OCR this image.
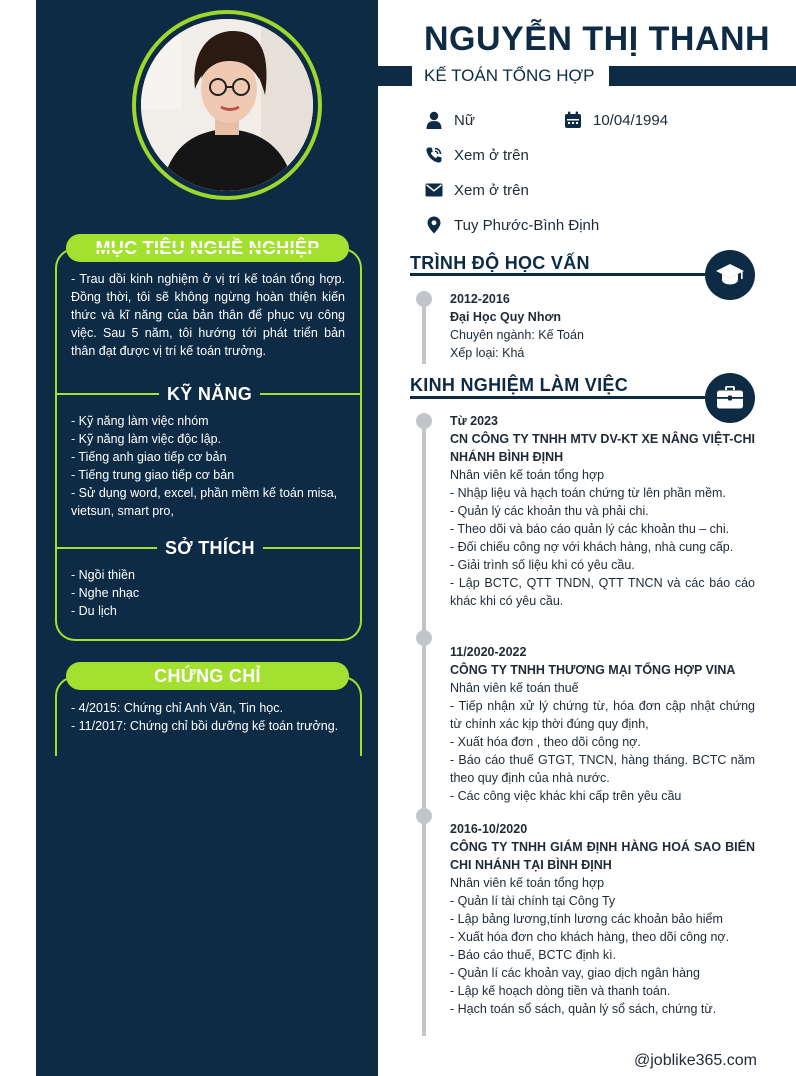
MỤC TIÊU NGHỀ NGHIỆP
- Trau dồi kinh nghiệm ở vị trí kế toán tổng hợp. Đồng thời, tôi sẽ không ngừng hoàn thiện kiến thức và kĩ năng của bản thân để phục vụ công việc. Sau 5 năm, tôi hướng tới phát triển bản thân đạt được vị trí kế toán trưởng.
KỸ NĂNG
- Kỹ năng làm việc nhóm
- Kỹ năng làm việc độc lập.
- Tiếng anh giao tiếp cơ bản
- Tiếng trung giao tiếp cơ bản
- Sử dụng word, excel, phần mềm kế toán misa,
vietsun, smart pro,
SỞ THÍCH
- Ngồi thiền
- Nghe nhạc
- Du lịch
CHỨNG CHỈ
- 4/2015: Chứng chỉ Anh Văn, Tin học.
- 11/2017: Chứng chỉ bồi dưỡng kế toán trưởng.
NGUYỄN THỊ THANH
KẾ TOÁN TỔNG HỢP
Nữ	10/04/1994
Xem ở trên
Xem ở trên
Tuy Phước-Bình Định
TRÌNH ĐỘ HỌC VẤN
2012-2016
Đại Học Quy Nhơn
Chuyên ngành: Kế Toán
Xếp loại: Khá
KINH NGHIỆM LÀM VIỆC
Từ 2023
CN CÔNG TY TNHH MTV DV-KT XE NÂNG VIỆT-CHI NHÁNH BÌNH ĐỊNH
Nhân viên kế toán tổng hợp
- Nhập liệu và hạch toán chứng từ lên phần mềm.
- Quản lý các khoản thu và phải chi.
- Theo dõi và báo cáo quản lý các khoản thu – chi.
- Đối chiếu công nợ với khách hàng, nhà cung cấp.
- Giải trình số liệu khi có yêu cầu.
- Lập BCTC, QTT TNDN, QTT TNCN và các báo cáo khác khi có yêu cầu.
11/2020-2022
CÔNG TY TNHH THƯƠNG MẠI TỔNG HỢP VINA
Nhân viên kế toán thuế
- Tiếp nhận xử lý chứng từ, hóa đơn cập nhật chứng từ chính xác kịp thời đúng quy định,
- Xuất hóa đơn , theo dõi công nợ.
- Báo cáo thuế GTGT, TNCN, hàng tháng. BCTC năm theo quy định của nhà nước.
- Các công việc khác khi cấp trên yêu cầu
2016-10/2020
CÔNG TY TNHH GIÁM ĐỊNH HÀNG HOÁ SAO BIỂN CHI NHÁNH TẠI BÌNH ĐỊNH
Nhân viên kế toán tổng hợp
- Quản lí tài chính tại Công Ty
- Lập bảng lương,tính lương các khoản bảo hiểm
- Xuất hóa đơn cho khách hàng, theo dõi công nợ.
- Báo cáo thuế, BCTC định kì.
- Quản lí các khoản vay, giao dịch ngân hàng
- Lập kế hoạch dòng tiền và thanh toán.
- Hạch toán sổ sách, quản lý sổ sách, chứng từ.
@joblike365.com
